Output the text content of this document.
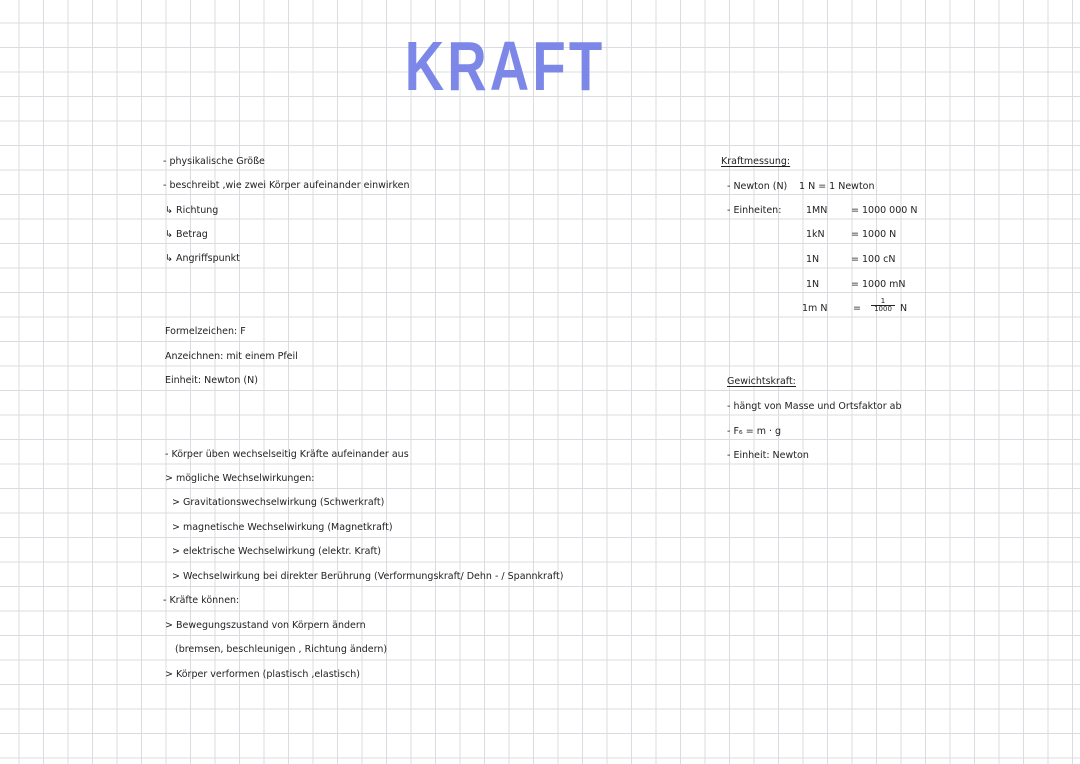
KRAFT
- physikalische Größe
- beschreibt ,wie zwei Körper aufeinander einwirken
↳ Richtung
↳ Betrag
↳ Angriffspunkt
Formelzeichen: F
Anzeichnen: mit einem Pfeil
Einheit: Newton (N)
- Körper üben wechselseitig Kräfte aufeinander aus
> mögliche Wechselwirkungen:
> Gravitationswechselwirkung (Schwerkraft)
> magnetische Wechselwirkung (Magnetkraft)
> elektrische Wechselwirkung (elektr. Kraft)
> Wechselwirkung bei direkter Berührung (Verformungskraft/ Dehn - / Spannkraft)
- Kräfte können:
> Bewegungszustand von Körpern ändern
(bremsen, beschleunigen , Richtung ändern)
> Körper verformen (plastisch ,elastisch)
Kraftmessung:
- Newton (N) 1 N = 1 Newton
- Einheiten:	1MN = 1000 000 N
1kN	= 1000 N
1N	= 100 cN
1N	= 1000 mN
1m N	= $\frac{1}{1000}$ N
Gewichtskraft:
- hängt von Masse und Ortsfaktor ab
- F₆ = m · g
- Einheit: Newton
